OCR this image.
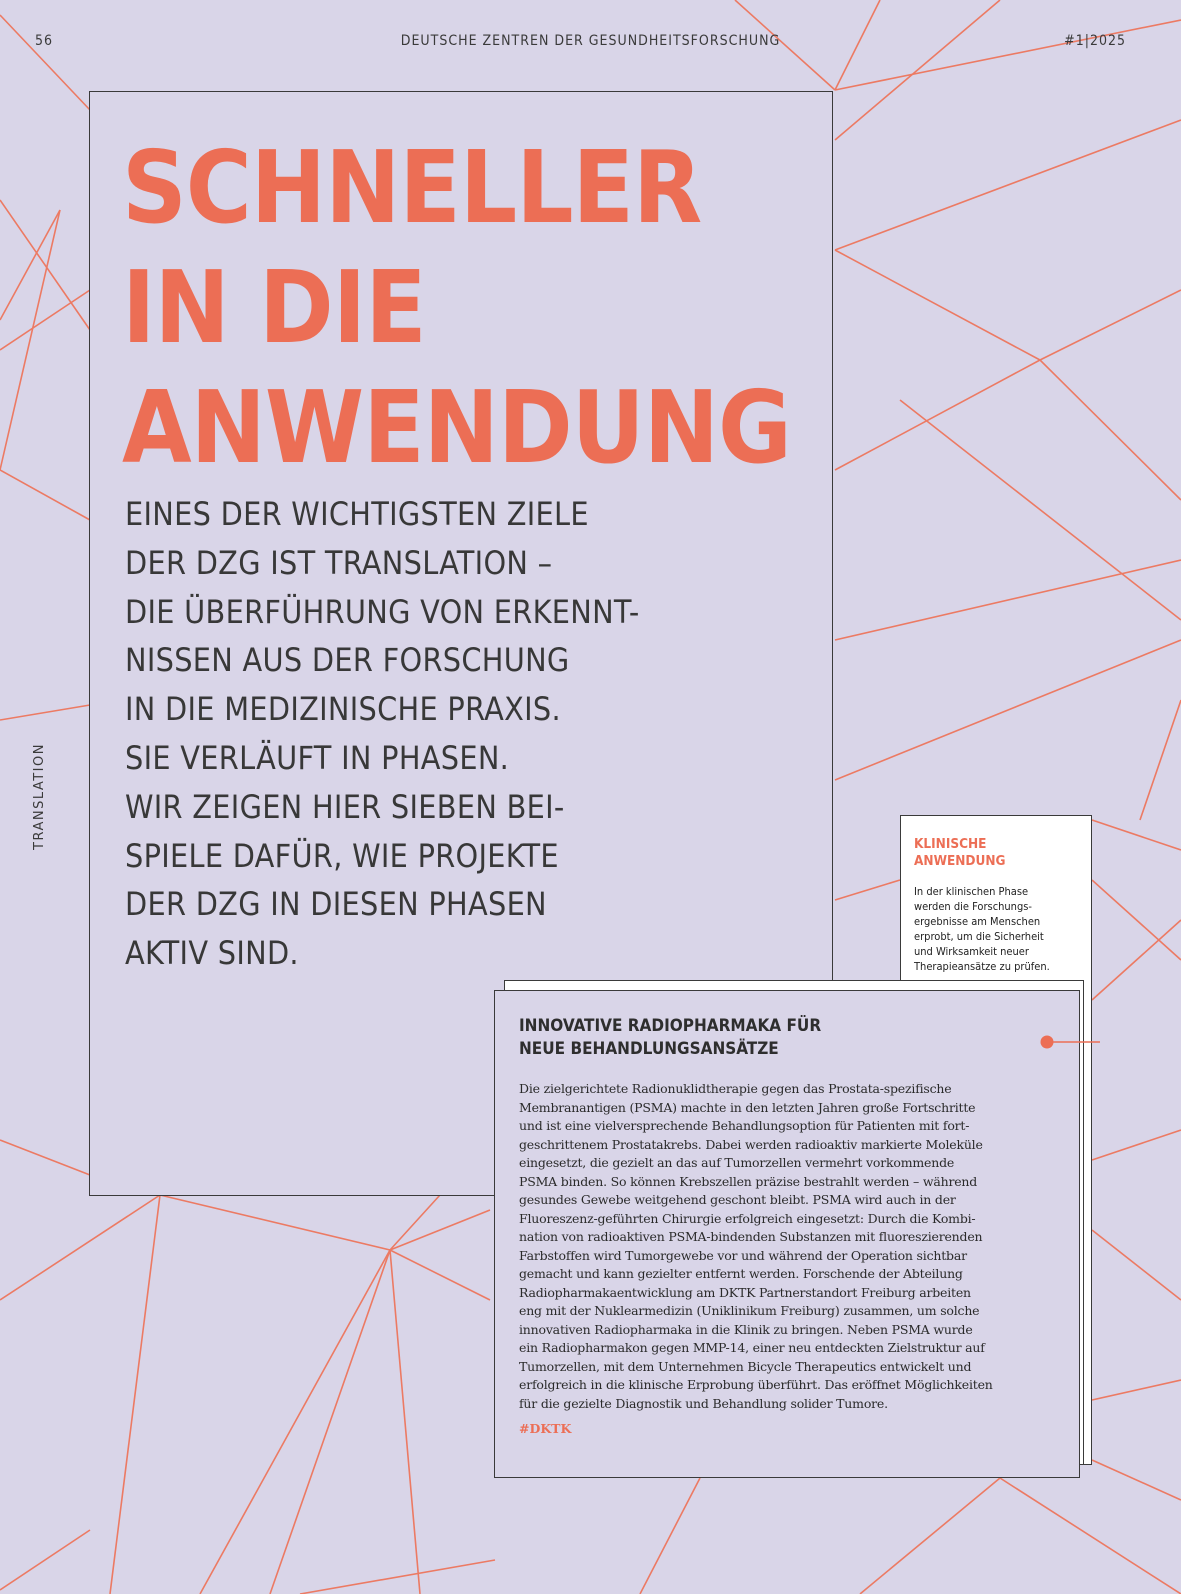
56	DEUTSCHE ZENTREN DER GESUNDHEITSFORSCHUNG	#1|2025
TRANSLATION
SCHNELLER
IN DIE
ANWENDUNG

EINES DER WICHTIGSTEN ZIELE
DER DZG IST TRANSLATION –
DIE ÜBERFÜHRUNG VON ERKENNT-
NISSEN AUS DER FORSCHUNG
IN DIE MEDIZINISCHE PRAXIS.
SIE VERLÄUFT IN PHASEN.
WIR ZEIGEN HIER SIEBEN BEI-
SPIELE DAFÜR, WIE PROJEKTE
DER DZG IN DIESEN PHASEN
AKTIV SIND.

KLINISCHE
ANWENDUNG

In der klinischen Phase
werden die Forschungs-
ergebnisse am Menschen
erprobt, um die Sicherheit
und Wirksamkeit neuer
Therapieansätze zu prüfen.

INNOVATIVE RADIOPHARMAKA FÜR
NEUE BEHANDLUNGSANSÄTZE

Die zielgerichtete Radionuklidtherapie gegen das Prostata-spezifische
Membranantigen (PSMA) machte in den letzten Jahren große Fortschritte
und ist eine vielversprechende Behandlungsoption für Patienten mit fort-
geschrittenem Prostatakrebs. Dabei werden radioaktiv markierte Moleküle
eingesetzt, die gezielt an das auf Tumorzellen vermehrt vorkommende
PSMA binden. So können Krebszellen präzise bestrahlt werden – während
gesundes Gewebe weitgehend geschont bleibt. PSMA wird auch in der
Fluoreszenz-geführten Chirurgie erfolgreich eingesetzt: Durch die Kombi-
nation von radioaktiven PSMA-bindenden Substanzen mit fluoreszierenden
Farbstoffen wird Tumorgewebe vor und während der Operation sichtbar
gemacht und kann gezielter entfernt werden. Forschende der Abteilung
Radiopharmakaentwicklung am DKTK Partnerstandort Freiburg arbeiten
eng mit der Nuklearmedizin (Uniklinikum Freiburg) zusammen, um solche
innovativen Radiopharmaka in die Klinik zu bringen. Neben PSMA wurde
ein Radiopharmakon gegen MMP-14, einer neu entdeckten Zielstruktur auf
Tumorzellen, mit dem Unternehmen Bicycle Therapeutics entwickelt und
erfolgreich in die klinische Erprobung überführt. Das eröffnet Möglichkeiten
für die gezielte Diagnostik und Behandlung solider Tumore.

#DKTK
